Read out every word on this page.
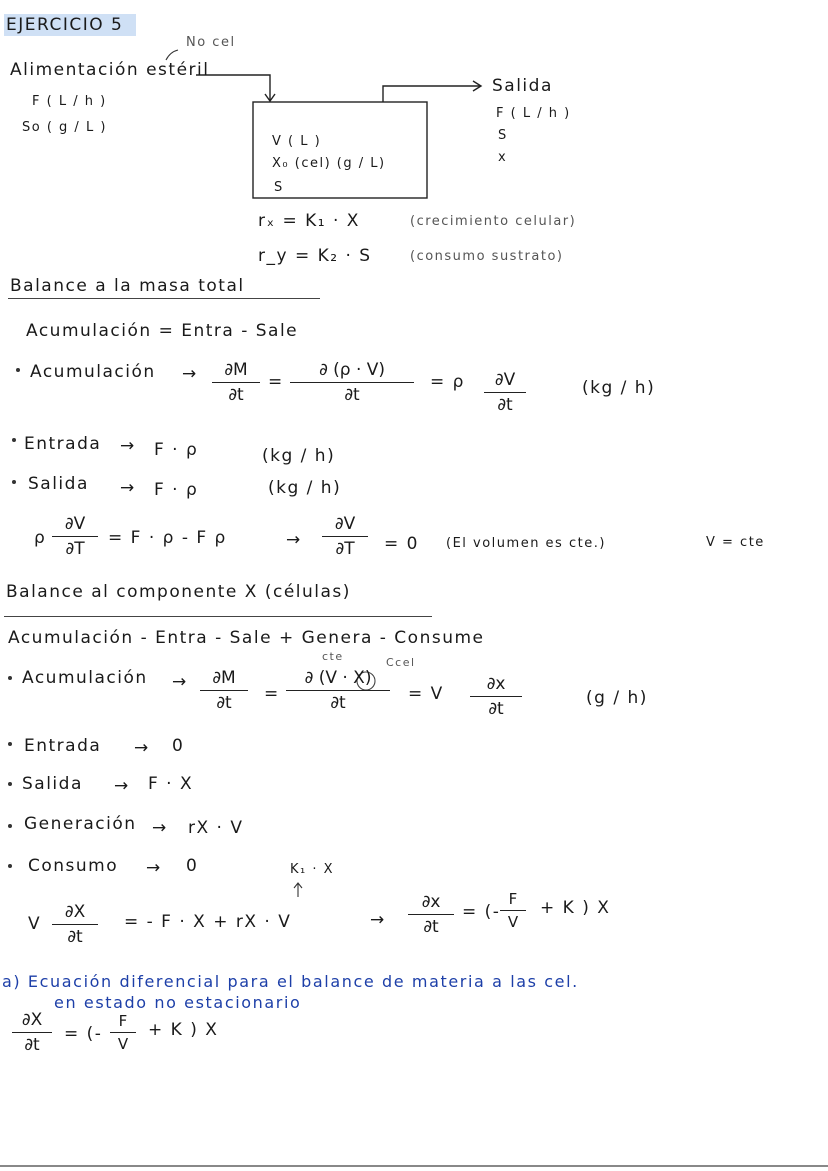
EJERCICIO 5
No cel
Alimentación estéril
F ( L / h )
So ( g / L )
V ( L )
X₀ (cel) (g / L)
S
Salida
F ( L / h )
S
x
rₓ = K₁ · X	(crecimiento celular)
r_y = K₂ · S	(consumo sustrato)
Balance a la masa total
Acumulación = Entra - Sale
Acumulación →	∂M
∂t
=
∂ (ρ · V)
∂t
= ρ	∂V
∂t
(kg / h)
Entrada → F · ρ	(kg / h)
Salida → F · ρ	(kg / h)
ρ
∂V
∂T
= F · ρ - F ρ	→
∂V
∂T	= 0 (El volumen es cte.)	V = cte
Balance al componente X (células)
Acumulación - Entra - Sale + Genera - Consume
cte	Ccel
Acumulación →	∂M
∂t	=
∂ (V · X)
∂t	= V	∂x
∂t
(g / h)
Entrada → 0
Salida → F · X
Generación → rX · V
Consumo → 0	K₁ · X
V
∂X
∂t
= - F · X + rX · V	→
∂x
∂t
= (-
F
V
+ K ) X
a) Ecuación diferencial para el balance de materia a las cel.
en estado no estacionario
∂X
∂t
= (-
F
V
+ K ) X
